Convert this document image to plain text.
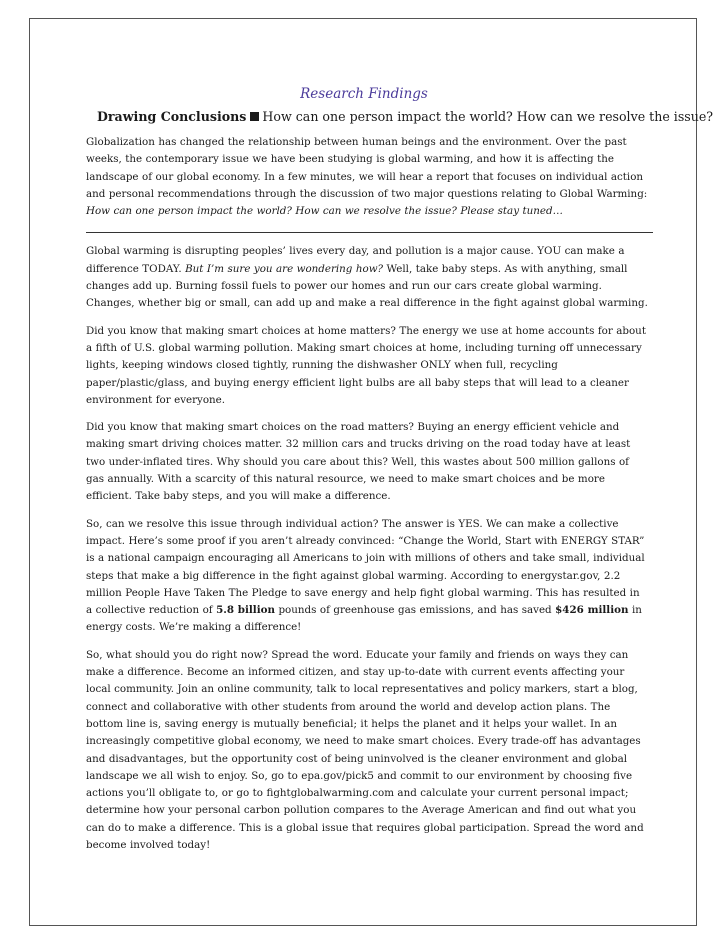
Research Findings
Drawing Conclusions How can one person impact the world? How can we resolve the issue?

Globalization has changed the relationship between human beings and the environment. Over the past weeks, the contemporary issue we have been studying is global warming, and how it is affecting the landscape of our global economy. In a few minutes, we will hear a report that focuses on individual action and personal recommendations through the discussion of two major questions relating to Global Warming:
How can one person impact the world? How can we resolve the issue? Please stay tuned…

Global warming is disrupting peoples’ lives every day, and pollution is a major cause. YOU can make a difference TODAY. But I’m sure you are wondering how? Well, take baby steps. As with anything, small changes add up. Burning fossil fuels to power our homes and run our cars create global warming. Changes, whether big or small, can add up and make a real difference in the fight against global warming.

Did you know that making smart choices at home matters? The energy we use at home accounts for about a fifth of U.S. global warming pollution. Making smart choices at home, including turning off unnecessary lights, keeping windows closed tightly, running the dishwasher ONLY when full, recycling paper/plastic/glass, and buying energy efficient light bulbs are all baby steps that will lead to a cleaner environment for everyone.

Did you know that making smart choices on the road matters? Buying an energy efficient vehicle and making smart driving choices matter. 32 million cars and trucks driving on the road today have at least two under-inflated tires. Why should you care about this? Well, this wastes about 500 million gallons of gas annually. With a scarcity of this natural resource, we need to make smart choices and be more efficient. Take baby steps, and you will make a difference.

So, can we resolve this issue through individual action? The answer is YES. We can make a collective impact. Here’s some proof if you aren’t already convinced: “Change the World, Start with ENERGY STAR” is a national campaign encouraging all Americans to join with millions of others and take small, individual steps that make a big difference in the fight against global warming. According to energystar.gov, 2.2 million People Have Taken The Pledge to save energy and help fight global warming. This has resulted in a collective reduction of 5.8 billion pounds of greenhouse gas emissions, and has saved $426 million in energy costs. We’re making a difference!

So, what should you do right now? Spread the word. Educate your family and friends on ways they can make a difference. Become an informed citizen, and stay up-to-date with current events affecting your local community. Join an online community, talk to local representatives and policy markers, start a blog, connect and collaborative with other students from around the world and develop action plans. The bottom line is, saving energy is mutually beneficial; it helps the planet and it helps your wallet. In an increasingly competitive global economy, we need to make smart choices. Every trade-off has advantages and disadvantages, but the opportunity cost of being uninvolved is the cleaner environment and global landscape we all wish to enjoy. So, go to epa.gov/pick5 and commit to our environment by choosing five actions you’ll obligate to, or go to fightglobalwarming.com and calculate your current personal impact; determine how your personal carbon pollution compares to the Average American and find out what you can do to make a difference. This is a global issue that requires global participation. Spread the word and become involved today!
